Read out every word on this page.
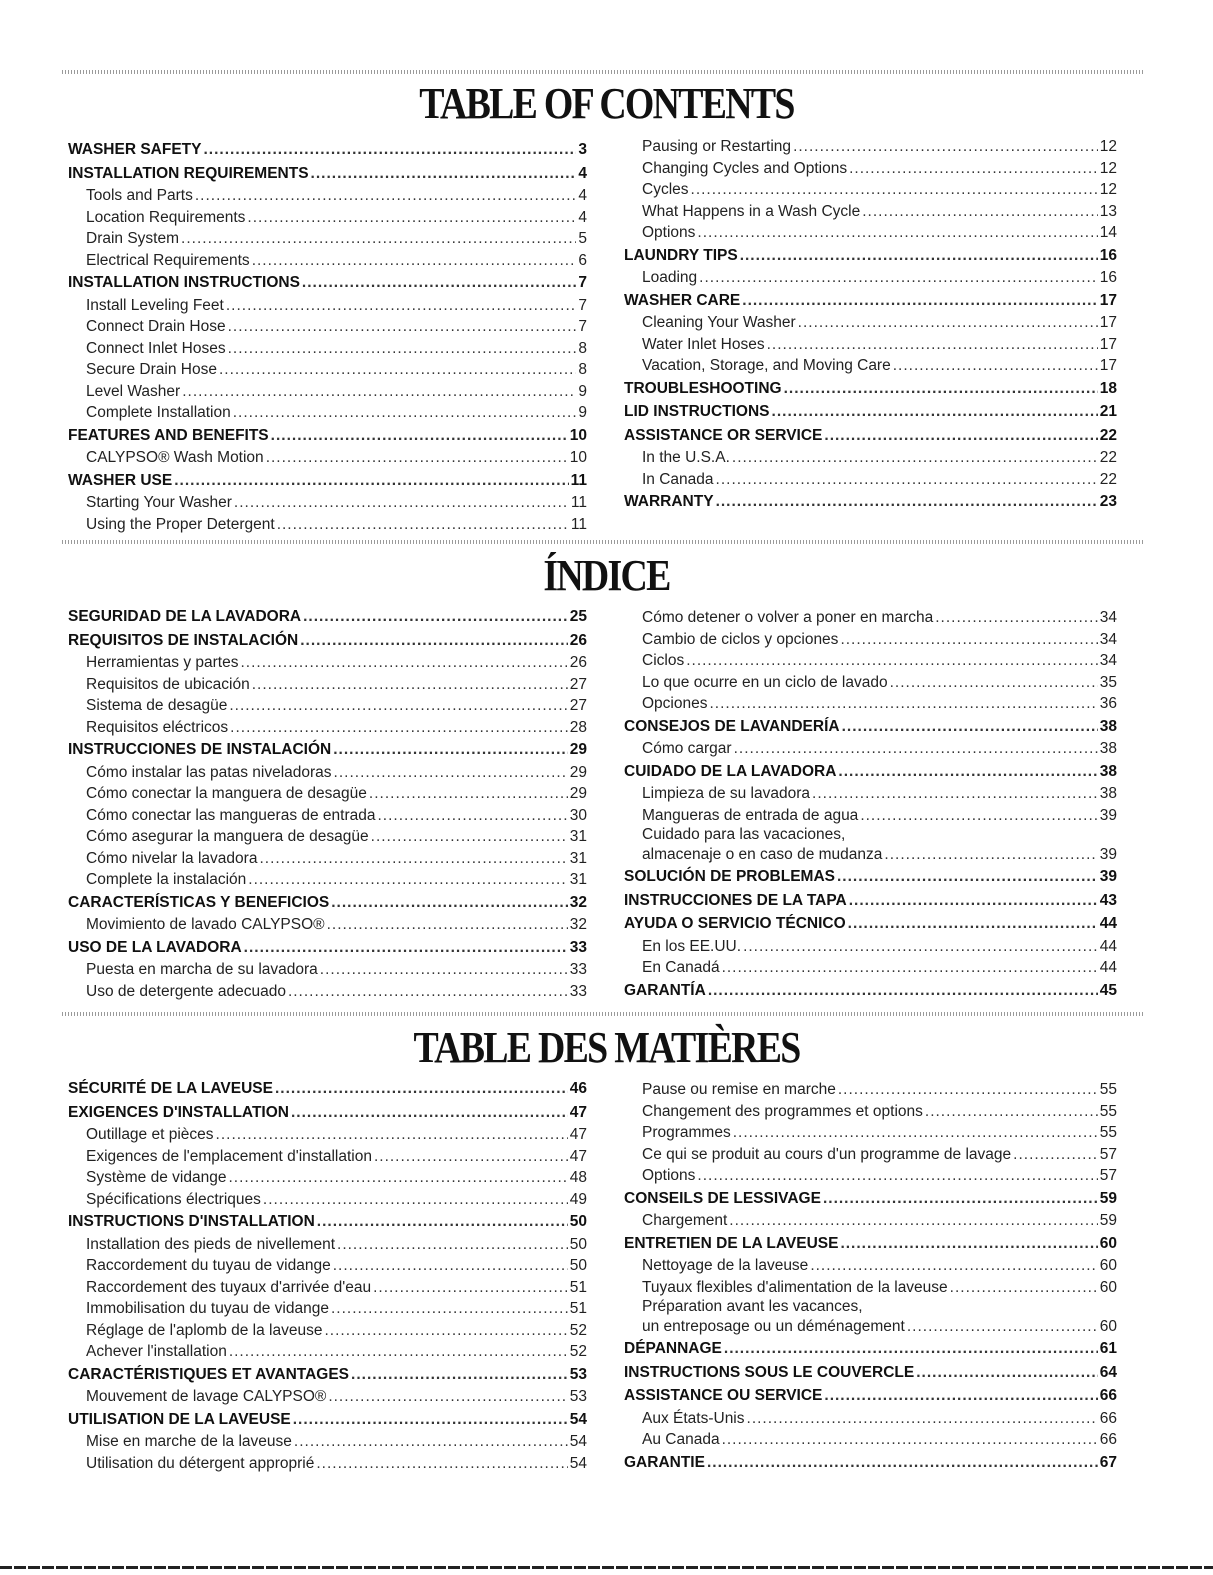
TABLE OF CONTENTS
WASHER SAFETY .....	3
INSTALLATION REQUIREMENTS .....	4
Tools and Parts .....	4
Location Requirements .....	4
Drain System .....	5
Electrical Requirements .....	6
INSTALLATION INSTRUCTIONS .....	7
Install Leveling Feet .....	7
Connect Drain Hose .....	7
Connect Inlet Hoses .....	8
Secure Drain Hose .....	8
Level Washer .....	9
Complete Installation .....	9
FEATURES AND BENEFITS .....	10
CALYPSO® Wash Motion .....	10
WASHER USE .....	11
Starting Your Washer .....	11
Using the Proper Detergent .....	11
Pausing or Restarting .....	12
Changing Cycles and Options .....	12
Cycles .....	12
What Happens in a Wash Cycle .....	13
Options .....	14
LAUNDRY TIPS .....	16
Loading .....	16
WASHER CARE .....	17
Cleaning Your Washer .....	17
Water Inlet Hoses .....	17
Vacation, Storage, and Moving Care .....	17
TROUBLESHOOTING .....	18
LID INSTRUCTIONS .....	21
ASSISTANCE OR SERVICE .....	22
In the U.S.A. .....	22
In Canada .....	22
WARRANTY .....	23
ÍNDICE
SEGURIDAD DE LA LAVADORA .....	25
REQUISITOS DE INSTALACIÓN .....	26
Herramientas y partes .....	26
Requisitos de ubicación .....	27
Sistema de desagüe .....	27
Requisitos eléctricos .....	28
INSTRUCCIONES DE INSTALACIÓN .....	29
Cómo instalar las patas niveladoras .....	29
Cómo conectar la manguera de desagüe .....	29
Cómo conectar las mangueras de entrada .....	30
Cómo asegurar la manguera de desagüe .....	31
Cómo nivelar la lavadora .....	31
Complete la instalación .....	31
CARACTERÍSTICAS Y BENEFICIOS .....	32
Movimiento de lavado CALYPSO® .....	32
USO DE LA LAVADORA .....	33
Puesta en marcha de su lavadora .....	33
Uso de detergente adecuado .....	33
Cómo detener o volver a poner en marcha .....	34
Cambio de ciclos y opciones .....	34
Ciclos .....	34
Lo que ocurre en un ciclo de lavado .....	35
Opciones .....	36
CONSEJOS DE LAVANDERÍA .....	38
Cómo cargar .....	38
CUIDADO DE LA LAVADORA .....	38
Limpieza de su lavadora .....	38
Mangueras de entrada de agua .....	39
Cuidado para las vacaciones,
almacenaje o en caso de mudanza .....	39
SOLUCIÓN DE PROBLEMAS .....	39
INSTRUCCIONES DE LA TAPA .....	43
AYUDA O SERVICIO TÉCNICO .....	44
En los EE.UU. .....	44
En Canadá .....	44
GARANTÍA .....	45
TABLE DES MATIÈRES
SÉCURITÉ DE LA LAVEUSE .....	46
EXIGENCES D'INSTALLATION .....	47
Outillage et pièces .....	47
Exigences de l'emplacement d'installation .....	47
Système de vidange .....	48
Spécifications électriques .....	49
INSTRUCTIONS D'INSTALLATION .....	50
Installation des pieds de nivellement .....	50
Raccordement du tuyau de vidange .....	50
Raccordement des tuyaux d'arrivée d'eau .....	51
Immobilisation du tuyau de vidange .....	51
Réglage de l'aplomb de la laveuse .....	52
Achever l'installation .....	52
CARACTÉRISTIQUES ET AVANTAGES .....	53
Mouvement de lavage CALYPSO® .....	53
UTILISATION DE LA LAVEUSE .....	54
Mise en marche de la laveuse .....	54
Utilisation du détergent approprié .....	54
Pause ou remise en marche .....	55
Changement des programmes et options .....	55
Programmes .....	55
Ce qui se produit au cours d'un programme de lavage .....	57
Options .....	57
CONSEILS DE LESSIVAGE .....	59
Chargement .....	59
ENTRETIEN DE LA LAVEUSE .....	60
Nettoyage de la laveuse .....	60
Tuyaux flexibles d'alimentation de la laveuse .....	60
Préparation avant les vacances,
un entreposage ou un déménagement .....	60
DÉPANNAGE .....	61
INSTRUCTIONS SOUS LE COUVERCLE .....	64
ASSISTANCE OU SERVICE .....	66
Aux États-Unis .....	66
Au Canada .....	66
GARANTIE .....	67
